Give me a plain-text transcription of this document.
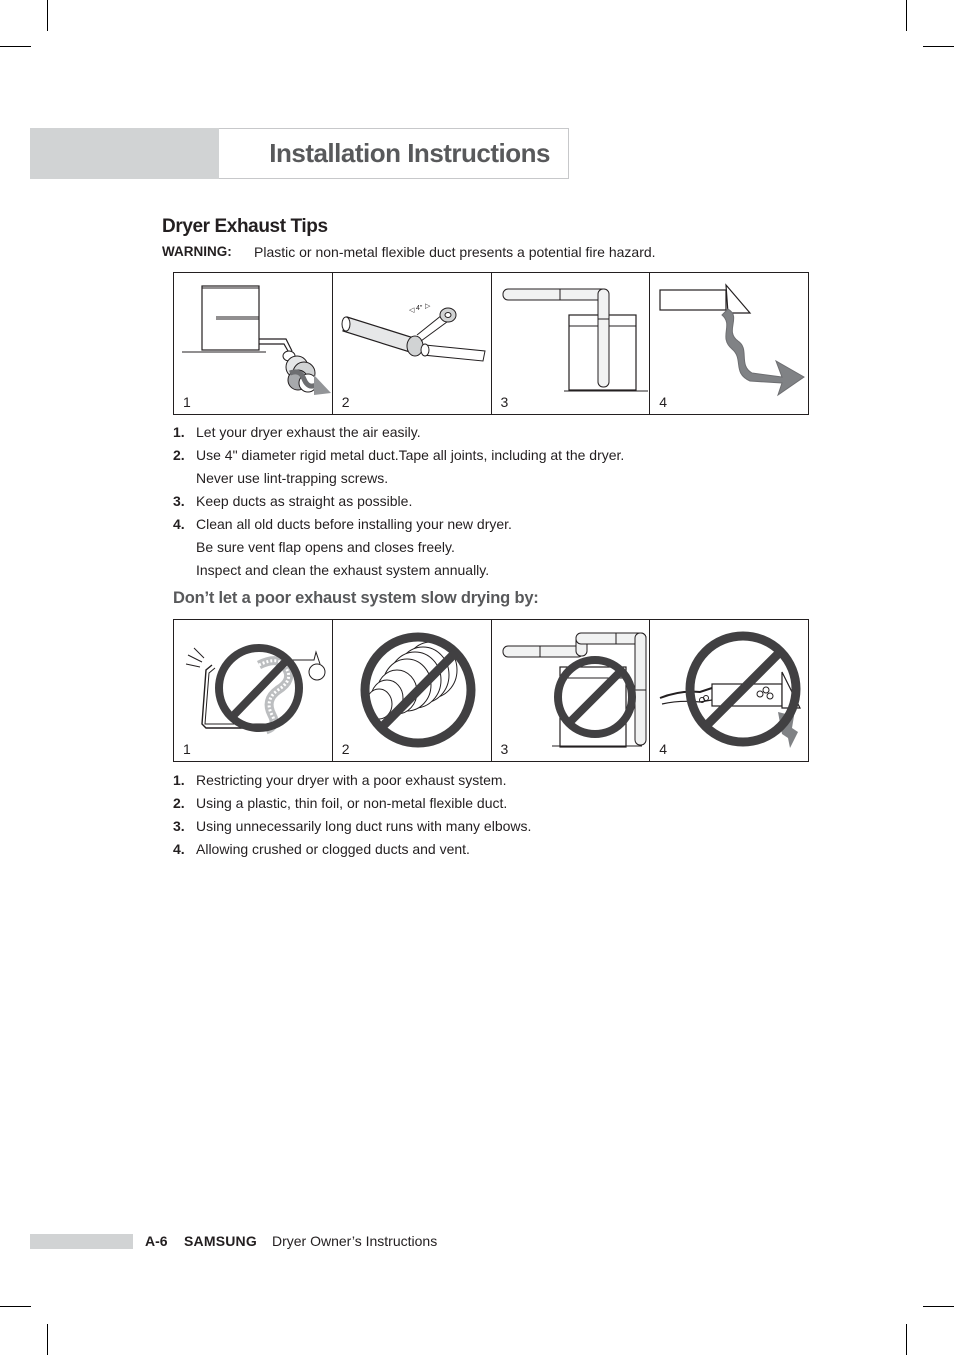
Installation Instructions
Dryer Exhaust Tips
WARNING: Plastic or non-metal flexible duct presents a potential fire hazard.
1
◁ 4" ▷
2	3	4
1. Let your dryer exhaust the air easily.
2. Use 4" diameter rigid metal duct.Tape all joints, including at the dryer.
Never use lint-trapping screws.
3. Keep ducts as straight as possible.
4. Clean all old ducts before installing your new dryer.
Be sure vent flap opens and closes freely.
Inspect and clean the exhaust system annually.
Don’t let a poor exhaust system slow drying by:
1	2	3	4
1. Restricting your dryer with a poor exhaust system.
2. Using a plastic, thin foil, or non-metal flexible duct.
3. Using unnecessarily long duct runs with many elbows.
4. Allowing crushed or clogged ducts and vent.
A-6 SAMSUNG Dryer Owner’s Instructions
